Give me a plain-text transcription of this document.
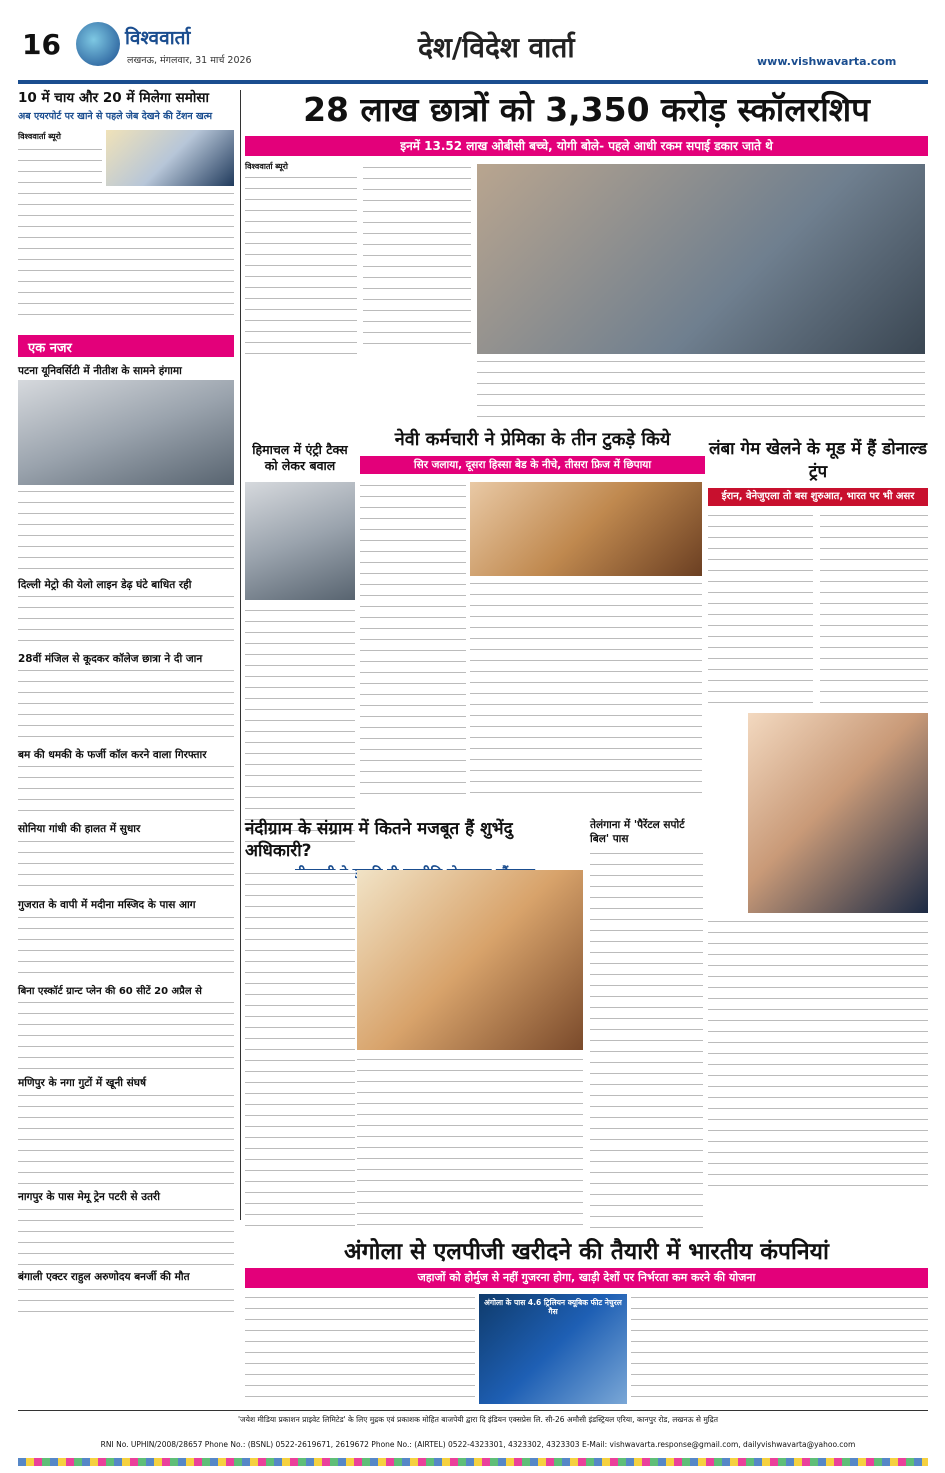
16	विश्ववार्ता
लखनऊ, मंगलवार, 31 मार्च 2026	देश/विदेश वार्ता	www.vishwavarta.com
10 में चाय और 20 में मिलेगा समोसा
अब एयरपोर्ट पर खाने से पहले जेब देखने की टेंशन खत्म
विश्ववार्ता ब्यूरो
एक नजर
पटना यूनिवर्सिटी में नीतीश के सामने हंगामा
दिल्ली मेट्रो की येलो लाइन डेढ़ घंटे बाधित रही
28वीं मंजिल से कूदकर कॉलेज छात्रा ने दी जान
बम की धमकी के फर्जी कॉल करने वाला गिरफ्तार
सोनिया गांधी की हालत में सुधार
गुजरात के वापी में मदीना मस्जिद के पास आग
बिना एस्कॉर्ट ग्रान्ट प्लेन की 60 सीटें 20 अप्रैल से
मणिपुर के नगा गुटों में खूनी संघर्ष
नागपुर के पास मेमू ट्रेन पटरी से उतरी
बंगाली एक्टर राहुल अरुणोदय बनर्जी की मौत
28 लाख छात्रों को 3,350 करोड़ स्कॉलरशिप
इनमें 13.52 लाख ओबीसी बच्चे, योगी बोले- पहले आधी रकम सपाई डकार जाते थे
विश्ववार्ता ब्यूरो
हिमाचल में एंट्री टैक्स को लेकर बवाल
नेवी कर्मचारी ने प्रेमिका के तीन टुकड़े किये
सिर जलाया, दूसरा हिस्सा बेड के नीचे, तीसरा फ्रिज में छिपाया
लंबा गेम खेलने के मूड में हैं डोनाल्ड ट्रंप
ईरान, वेनेजुएला तो बस शुरुआत, भारत पर भी असर
नंदीग्राम के संग्राम में कितने मजबूत हैं शुभेंदु अधिकारी?
तेलंगाना में 'पैरेंटल सपोर्ट बिल' पास
अंगोला से एलपीजी खरीदने की तैयारी में भारतीय कंपनियां
जहाजों को होर्मुज से नहीं गुजरना होगा, खाड़ी देशों पर निर्भरता कम करने की योजना
अंगोला के पास 4.6 ट्रिलियन क्यूबिक फीट नेचुरल गैस
'जयेश मीडिया प्रकाशन प्राइवेट लिमिटेड' के लिए मुद्रक एवं प्रकाशक मोहित बाजपेयी द्वारा दि इंडियन एक्सप्रेस लि. सी-26 अमौसी इंडस्ट्रियल एरिया, कानपुर रोड, लखनऊ से मुद्रित
RNI No. UPHIN/2008/28657 Phone No.: (BSNL) 0522-2619671, 2619672 Phone No.: (AIRTEL) 0522-4323301, 4323302, 4323303 E-Mail: vishwavarta.response@gmail.com, dailyvishwavarta@yahoo.com
